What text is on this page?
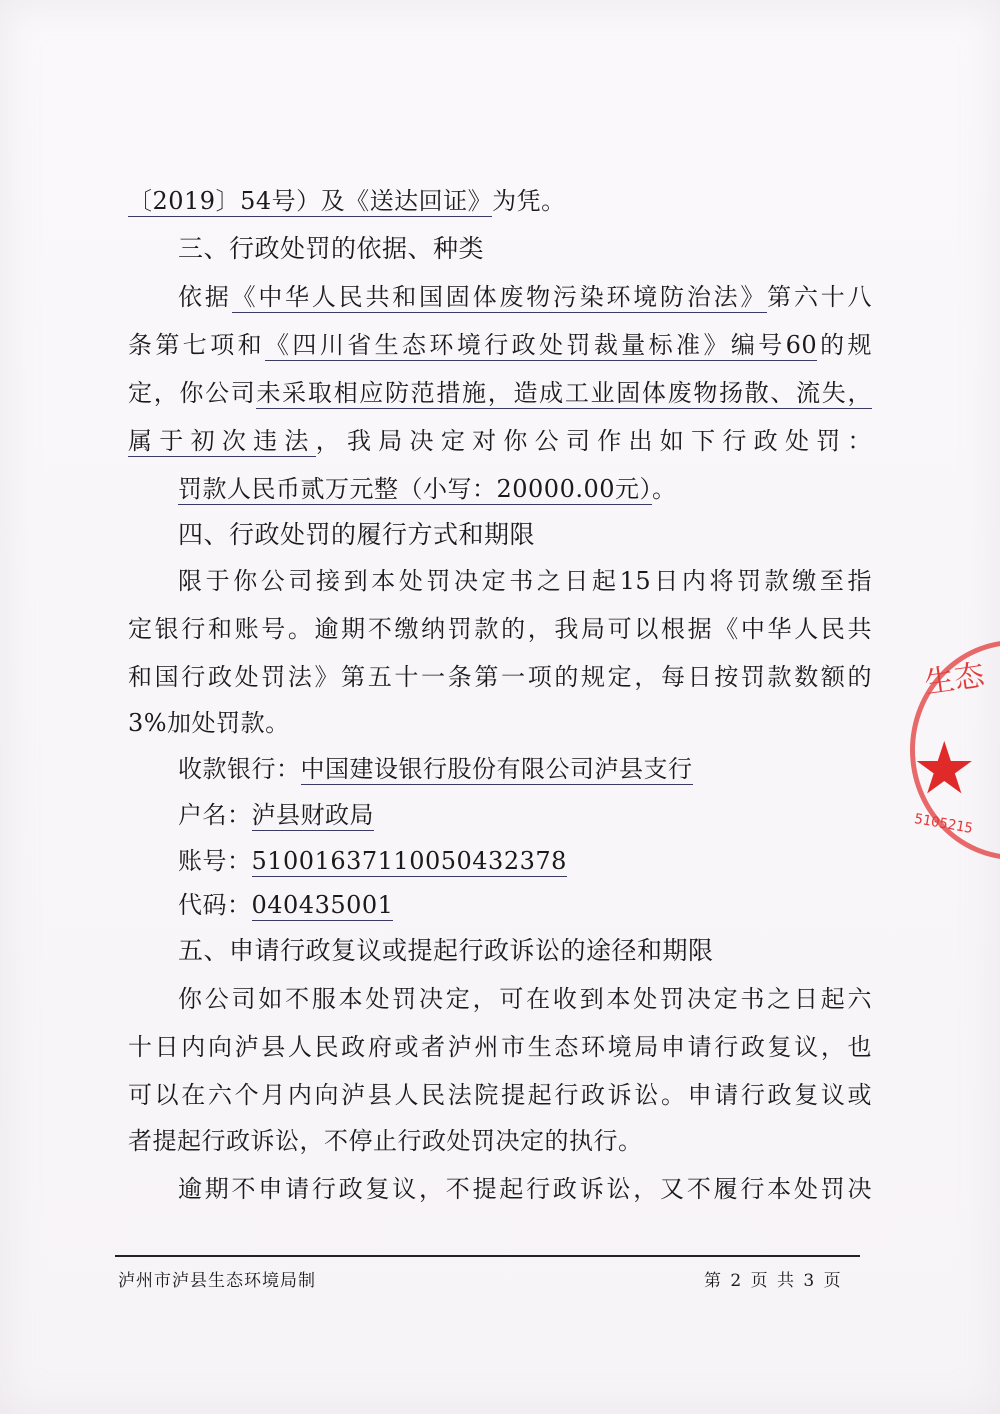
〔2019〕54号）及《送达回证》为凭。
三、行政处罚的依据、种类
依据《中华人民共和国固体废物污染环境防治法》第六十八
条第七项和《四川省生态环境行政处罚裁量标准》编号60的规
定，你公司未采取相应防范措施，造成工业固体废物扬散、流失，
属于初次违法，我局决定对你公司作出如下行政处罚：
罚款人民币贰万元整（小写：20000.00元）。
四、行政处罚的履行方式和期限
限于你公司接到本处罚决定书之日起15日内将罚款缴至指
定银行和账号。逾期不缴纳罚款的，我局可以根据《中华人民共
和国行政处罚法》第五十一条第一项的规定，每日按罚款数额的
3%加处罚款。
收款银行：中国建设银行股份有限公司泸县支行
户名：泸县财政局
账号：51001637110050432378
代码：040435001
五、申请行政复议或提起行政诉讼的途径和期限
你公司如不服本处罚决定，可在收到本处罚决定书之日起六
十日内向泸县人民政府或者泸州市生态环境局申请行政复议，也
可以在六个月内向泸县人民法院提起行政诉讼。申请行政复议或
者提起行政诉讼，不停止行政处罚决定的执行。
逾期不申请行政复议，不提起行政诉讼，又不履行本处罚决
泸州市泸县生态环境局制	第 2 页 共 3 页
生态
★
5105215
